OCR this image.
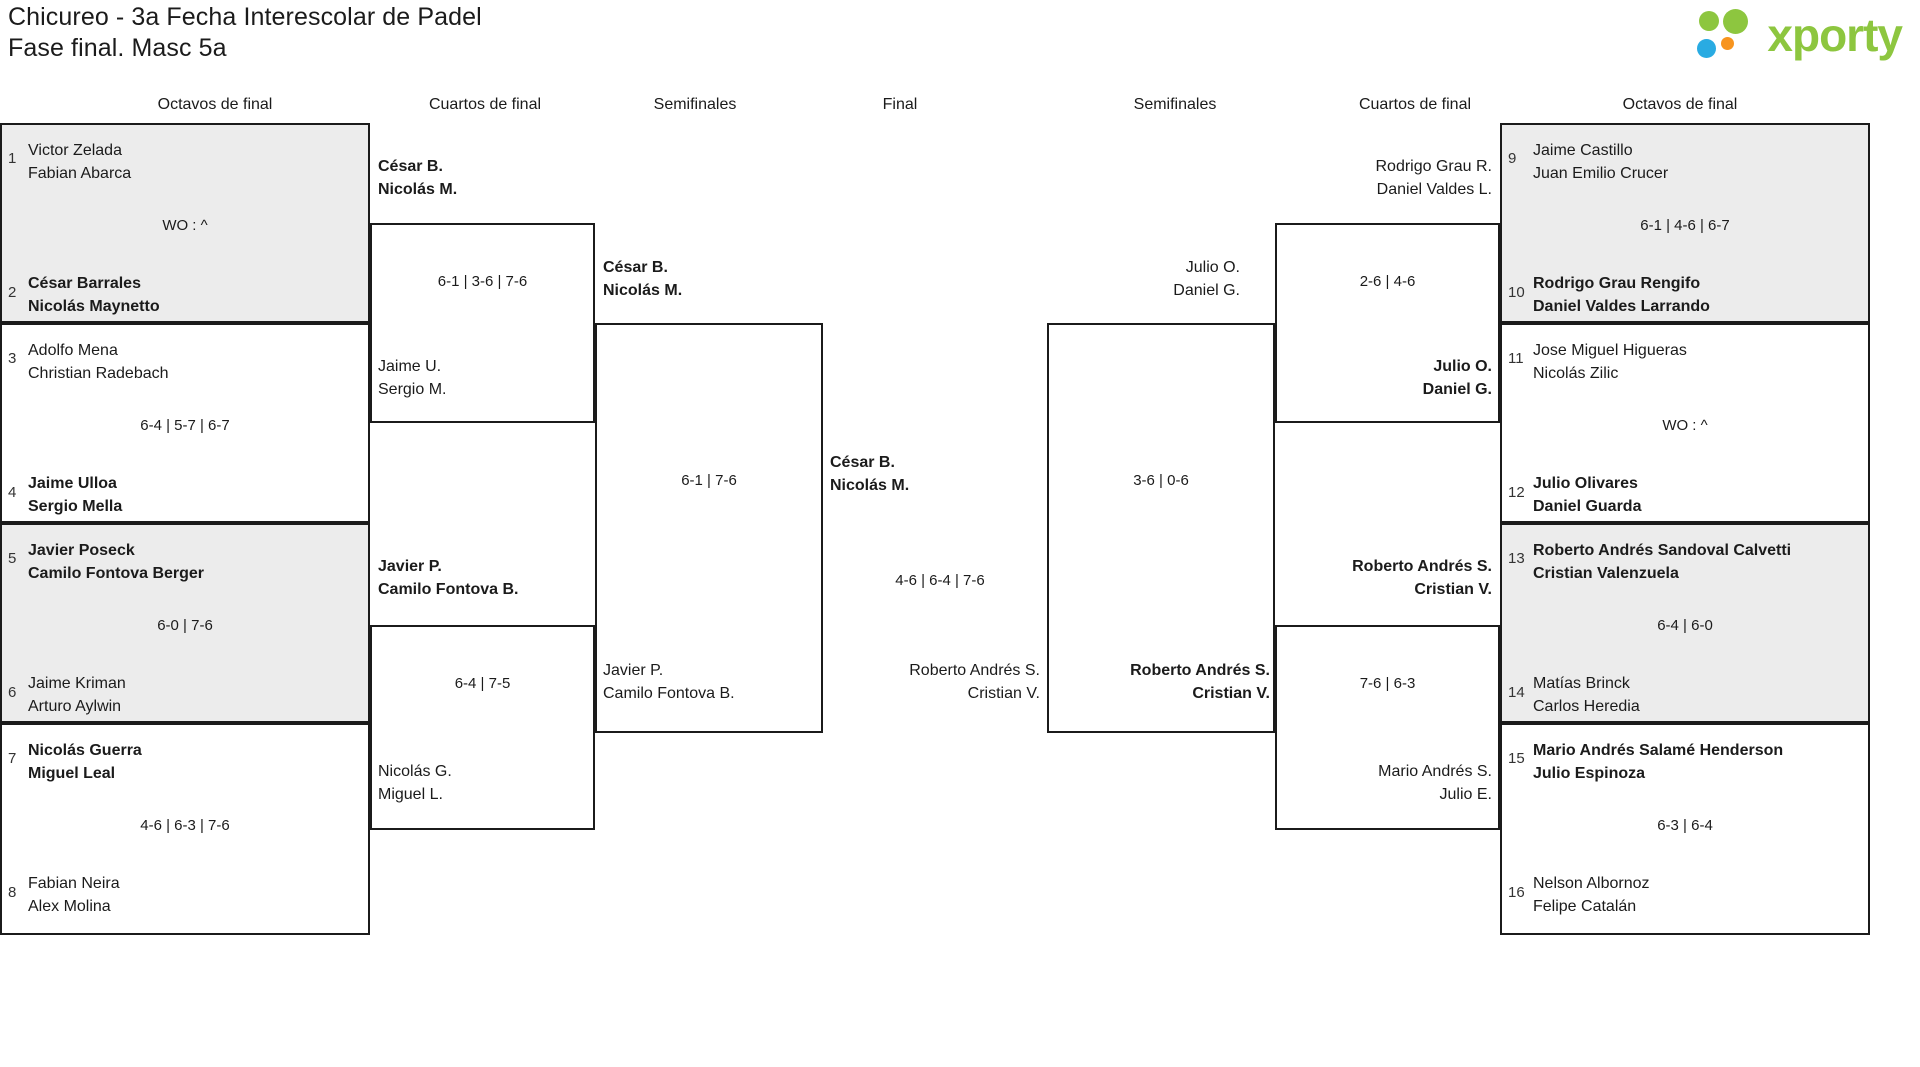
Chicureo - 3a Fecha Interescolar de Padel
Fase final. Masc 5a	xporty
Octavos de final	Cuartos de final	Semifinales	Final	Semifinales	Cuartos de final	Octavos de final
1 Victor Zelada
Fabian Abarca
WO : ^
2
César Barrales
Nicolás Maynetto
3 Adolfo Mena
Christian Radebach
6-4 | 5-7 | 6-7
4
Jaime Ulloa
Sergio Mella
5 Javier Poseck
Camilo Fontova Berger
6-0 | 7-6
6
Jaime Kriman
Arturo Aylwin
7 Nicolás Guerra
Miguel Leal
4-6 | 6-3 | 7-6
8
Fabian Neira
Alex Molina
César B.
Nicolás M.
6-1 | 3-6 | 7-6
Jaime U.
Sergio M.
Javier P.
Camilo Fontova B.
6-4 | 7-5
Nicolás G.
Miguel L.
César B.
Nicolás M.
6-1 | 7-6
Javier P.
Camilo Fontova B.
César B.
Nicolás M.
4-6 | 6-4 | 7-6
Roberto Andrés S.
Cristian V.
Julio O.
Daniel G.
3-6 | 0-6
Roberto Andrés S.
Cristian V.
Rodrigo Grau R.
Daniel Valdes L.
2-6 | 4-6
Julio O.
Daniel G.
Roberto Andrés S.
Cristian V.
7-6 | 6-3
Mario Andrés S.
Julio E.
9 Jaime Castillo
Juan Emilio Crucer
6-1 | 4-6 | 6-7
10
Rodrigo Grau Rengifo
Daniel Valdes Larrando
11 Jose Miguel Higueras
Nicolás Zilic
WO : ^
12
Julio Olivares
Daniel Guarda
13 Roberto Andrés Sandoval Calvetti
Cristian Valenzuela
6-4 | 6-0
14
Matías Brinck
Carlos Heredia
15 Mario Andrés Salamé Henderson
Julio Espinoza
6-3 | 6-4
16
Nelson Albornoz
Felipe Catalán
